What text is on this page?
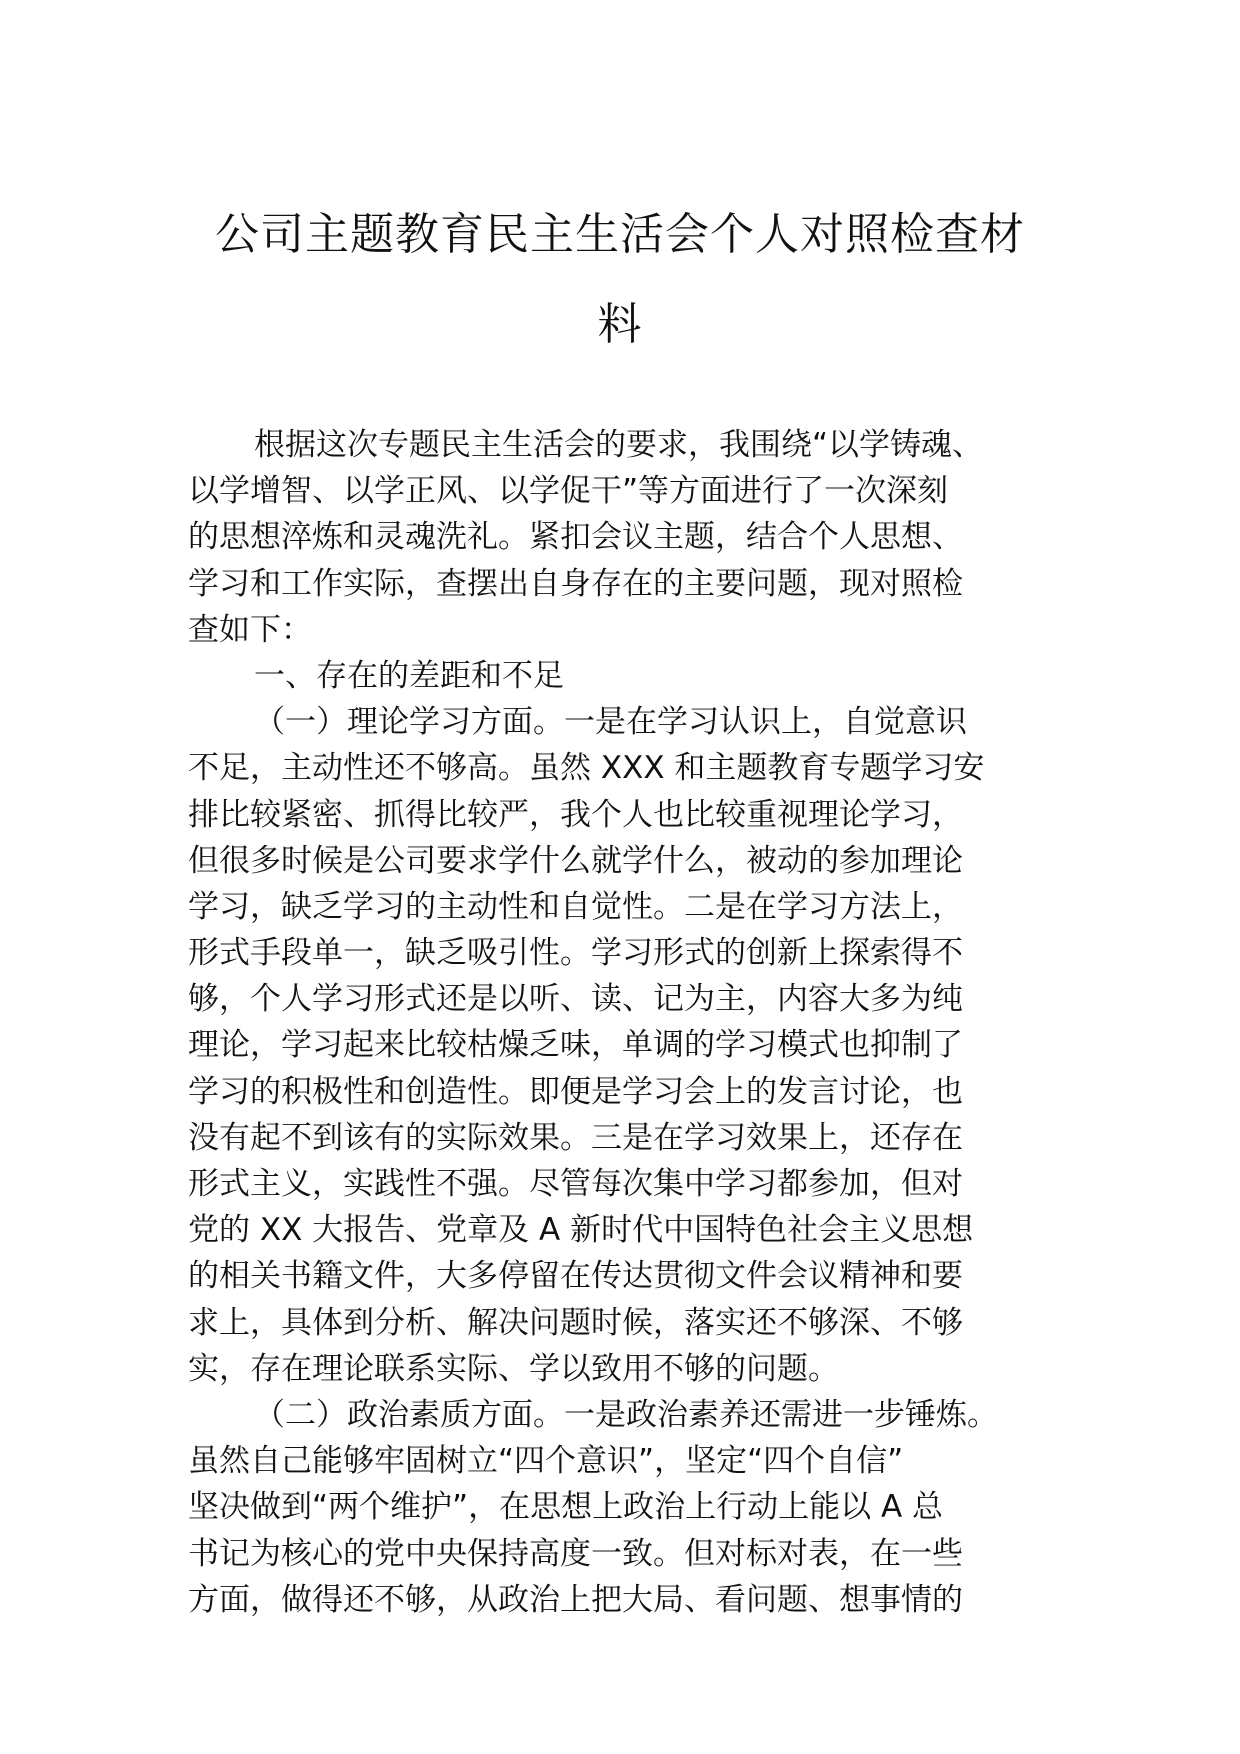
公司主题教育民主生活会个人对照检查材
料
根据这次专题民主生活会的要求，我围绕“以学铸魂、
以学增智、以学正风、以学促干”等方面进行了一次深刻
的思想淬炼和灵魂洗礼。紧扣会议主题，结合个人思想、
学习和工作实际，查摆出自身存在的主要问题，现对照检
查如下：
一、存在的差距和不足
（一）理论学习方面。一是在学习认识上，自觉意识
不足，主动性还不够高。虽然 XXX 和主题教育专题学习安
排比较紧密、抓得比较严，我个人也比较重视理论学习，
但很多时候是公司要求学什么就学什么，被动的参加理论
学习，缺乏学习的主动性和自觉性。二是在学习方法上，
形式手段单一，缺乏吸引性。学习形式的创新上探索得不
够，个人学习形式还是以听、读、记为主，内容大多为纯
理论，学习起来比较枯燥乏味，单调的学习模式也抑制了
学习的积极性和创造性。即便是学习会上的发言讨论，也
没有起不到该有的实际效果。三是在学习效果上，还存在
形式主义，实践性不强。尽管每次集中学习都参加，但对
党的 XX 大报告、党章及 A 新时代中国特色社会主义思想
的相关书籍文件，大多停留在传达贯彻文件会议精神和要
求上，具体到分析、解决问题时候，落实还不够深、不够
实，存在理论联系实际、学以致用不够的问题。
（二）政治素质方面。一是政治素养还需进一步锤炼。
虽然自己能够牢固树立“四个意识”，坚定“四个自信”
坚决做到“两个维护”，在思想上政治上行动上能以 A 总
书记为核心的党中央保持高度一致。但对标对表，在一些
方面，做得还不够，从政治上把大局、看问题、想事情的
